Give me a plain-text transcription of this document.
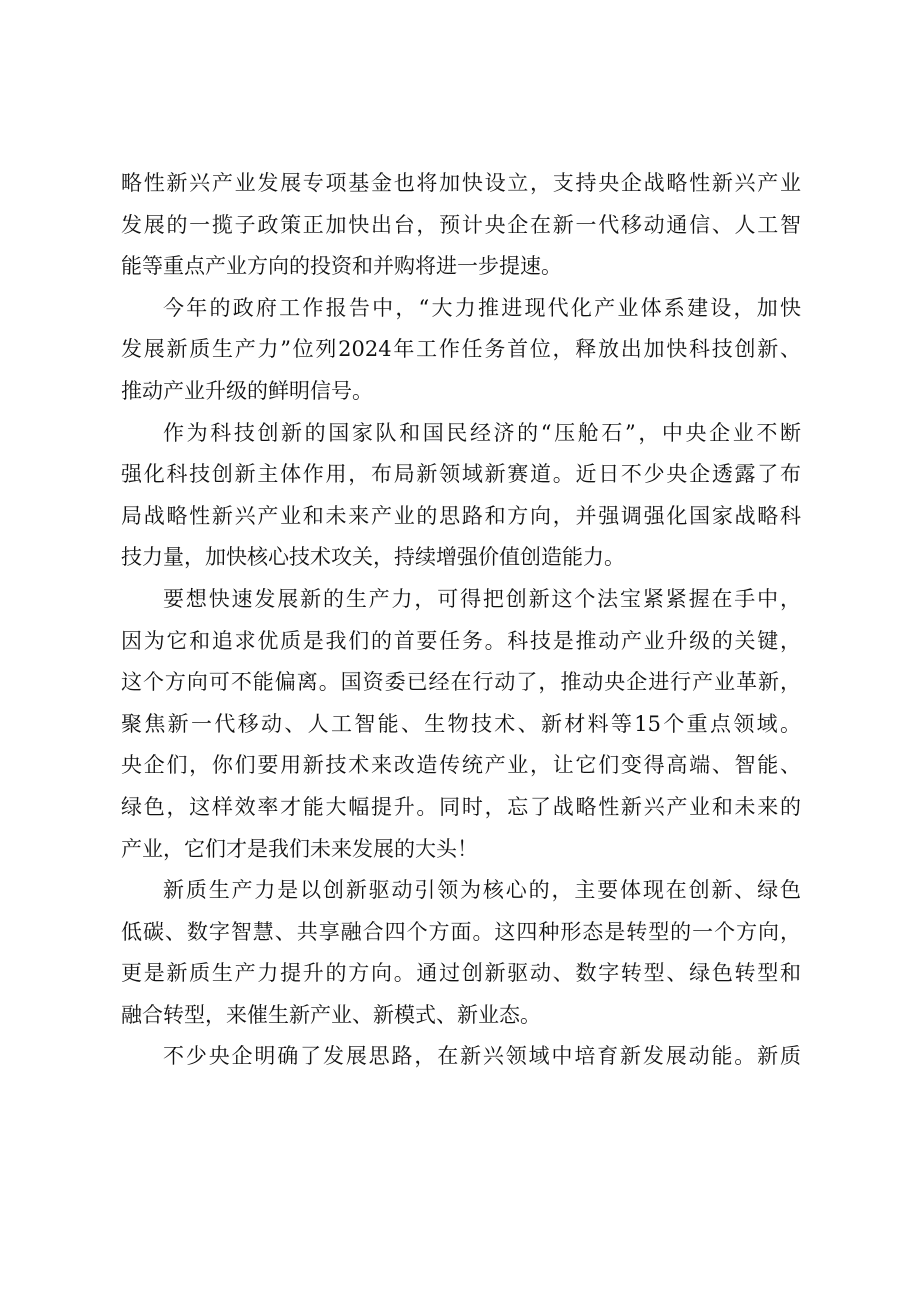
略性新兴产业发展专项基金也将加快设立，支持央企战略性新兴产业
发展的一揽子政策正加快出台，预计央企在新一代移动通信、人工智
能等重点产业方向的投资和并购将进一步提速。

今年的政府工作报告中，“大力推进现代化产业体系建设，加快
发展新质生产力”位列2024年工作任务首位，释放出加快科技创新、
推动产业升级的鲜明信号。

作为科技创新的国家队和国民经济的“压舱石”，中央企业不断
强化科技创新主体作用，布局新领域新赛道。近日不少央企透露了布
局战略性新兴产业和未来产业的思路和方向，并强调强化国家战略科
技力量，加快核心技术攻关，持续增强价值创造能力。

要想快速发展新的生产力，可得把创新这个法宝紧紧握在手中，
因为它和追求优质是我们的首要任务。科技是推动产业升级的关键，
这个方向可不能偏离。国资委已经在行动了，推动央企进行产业革新，
聚焦新一代移动、人工智能、生物技术、新材料等15个重点领域。
央企们，你们要用新技术来改造传统产业，让它们变得高端、智能、
绿色，这样效率才能大幅提升。同时，忘了战略性新兴产业和未来的
产业，它们才是我们未来发展的大头！

新质生产力是以创新驱动引领为核心的，主要体现在创新、绿色
低碳、数字智慧、共享融合四个方面。这四种形态是转型的一个方向，
更是新质生产力提升的方向。通过创新驱动、数字转型、绿色转型和
融合转型，来催生新产业、新模式、新业态。

不少央企明确了发展思路，在新兴领域中培育新发展动能。新质
